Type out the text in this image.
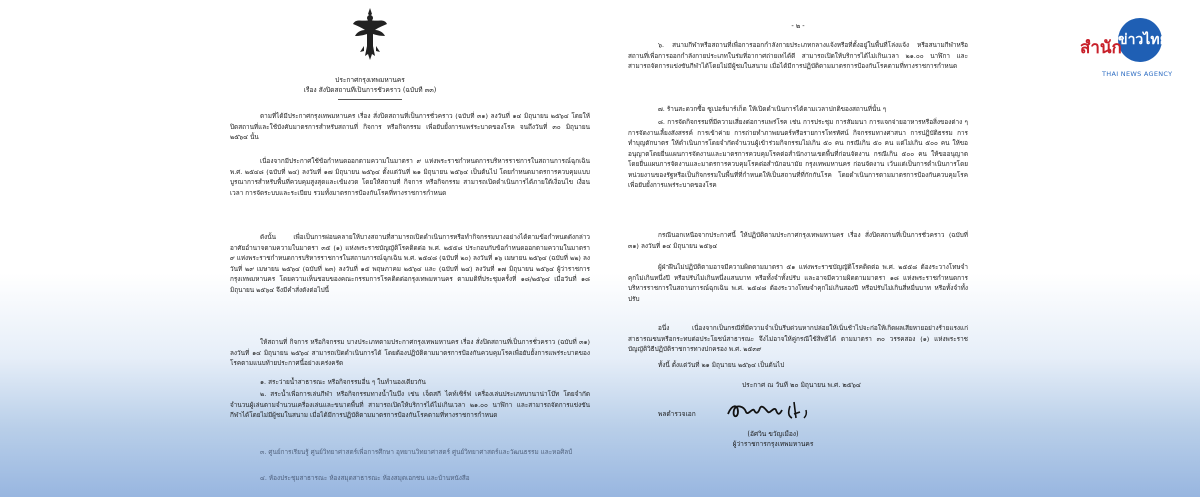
ประกาศกรุงเทพมหานคร
เรื่อง สั่งปิดสถานที่เป็นการชั่วคราว (ฉบับที่ ๓๓)
ตามที่ได้มีประกาศกรุงเทพมหานคร เรื่อง สั่งปิดสถานที่เป็นการชั่วคราว (ฉบับที่ ๓๑) ลงวันที่ ๑๔ มิถุนายน ๒๕๖๔ โดยให้ปิดสถานที่และใช้บังคับมาตรการสำหรับสถานที่ กิจการ หรือกิจกรรม เพื่อยับยั้งการแพร่ระบาดของโรค จนถึงวันที่ ๓๐ มิถุนายน ๒๕๖๔ นั้น
เนื่องจากมีประกาศใช้ข้อกำหนดออกตามความในมาตรา ๙ แห่งพระราชกำหนดการบริหารราชการในสถานการณ์ฉุกเฉิน พ.ศ. ๒๕๔๘ (ฉบับที่ ๒๔) ลงวันที่ ๑๗ มิถุนายน ๒๕๖๔ ตั้งแต่วันที่ ๒๑ มิถุนายน ๒๕๖๔ เป็นต้นไป โดยกำหนดมาตรการควบคุมแบบบูรณาการสำหรับพื้นที่ควบคุมสูงสุดและเข้มงวด โดยให้สถานที่ กิจการ หรือกิจกรรม สามารถเปิดดำเนินการได้ภายใต้เงื่อนไข เงื่อนเวลา การจัดระบบและระเบียบ รวมทั้งมาตรการป้องกันโรคที่ทางราชการกำหนด
ดังนั้น เพื่อเป็นการผ่อนคลายให้บางสถานที่สามารถเปิดดำเนินการหรือทำกิจกรรมบางอย่างได้ตามข้อกำหนดดังกล่าว อาศัยอำนาจตามความในมาตรา ๓๕ (๑) แห่งพระราชบัญญัติโรคติดต่อ พ.ศ. ๒๕๕๘ ประกอบกับข้อกำหนดออกตามความในมาตรา ๙ แห่งพระราชกำหนดการบริหารราชการในสถานการณ์ฉุกเฉิน พ.ศ. ๒๕๔๘ (ฉบับที่ ๒๐) ลงวันที่ ๑๖ เมษายน ๒๕๖๔ (ฉบับที่ ๒๒) ลงวันที่ ๒๙ เมษายน ๒๕๖๔ (ฉบับที่ ๒๓) ลงวันที่ ๑๕ พฤษภาคม ๒๕๖๔ และ (ฉบับที่ ๒๔) ลงวันที่ ๑๗ มิถุนายน ๒๕๖๔ ผู้ว่าราชการกรุงเทพมหานคร โดยความเห็นชอบของคณะกรรมการโรคติดต่อกรุงเทพมหานคร ตามมติที่ประชุมครั้งที่ ๑๘/๒๕๖๔ เมื่อวันที่ ๑๘ มิถุนายน ๒๕๖๔ จึงมีคำสั่งดังต่อไปนี้
ให้สถานที่ กิจการ หรือกิจกรรม บางประเภทตามประกาศกรุงเทพมหานคร เรื่อง สั่งปิดสถานที่เป็นการชั่วคราว (ฉบับที่ ๓๑) ลงวันที่ ๑๔ มิถุนายน ๒๕๖๔ สามารถเปิดดำเนินการได้ โดยต้องปฏิบัติตามมาตรการป้องกันควบคุมโรคเพื่อยับยั้งการแพร่ระบาดของโรคตามแนบท้ายประกาศนี้อย่างเคร่งครัด
๑. สระว่ายน้ำสาธารณะ หรือกิจกรรมอื่น ๆ ในทำนองเดียวกัน
๒. สระน้ำเพื่อการเล่นกีฬา หรือกิจกรรมทางน้ำในบึง เช่น เจ็ตสกี ไคท์เซิร์ฟ เครื่องเล่นประเภทบานาน่าโบ๊ท โดยจำกัดจำนวนผู้เล่นตามจำนวนเครื่องเล่นและขนาดพื้นที่ สามารถเปิดให้บริการได้ไม่เกินเวลา ๒๑.๐๐ นาฬิกา และสามารถจัดการแข่งขันกีฬาได้โดยไม่มีผู้ชมในสนาม เมื่อได้มีการปฏิบัติตามมาตรการป้องกันโรคตามที่ทางราชการกำหนด
๓. ศูนย์การเรียนรู้ ศูนย์วิทยาศาสตร์เพื่อการศึกษา อุทยานวิทยาศาสตร์ ศูนย์วิทยาศาสตร์และวัฒนธรรม และหอศิลป์
๔. ห้องประชุมสาธารณะ ห้องสมุดสาธารณะ ห้องสมุดเอกชน และบ้านหนังสือ
- ๒ -
๖. สนามกีฬาหรือสถานที่เพื่อการออกกำลังกายประเภทกลางแจ้งหรือที่ตั้งอยู่ในพื้นที่โล่งแจ้ง หรือสนามกีฬาหรือสถานที่เพื่อการออกกำลังกายประเภทในร่มที่อากาศถ่ายเทได้ดี สามารถเปิดให้บริการได้ไม่เกินเวลา ๒๑.๐๐ นาฬิกา และสามารถจัดการแข่งขันกีฬาได้โดยไม่มีผู้ชมในสนาม เมื่อได้มีการปฏิบัติตามมาตรการป้องกันโรคตามที่ทางราชการกำหนด
๗. ร้านสะดวกซื้อ ซูเปอร์มาร์เก็ต ให้เปิดดำเนินการได้ตามเวลาปกติของสถานที่นั้น ๆ
๘. การจัดกิจกรรมที่มีความเสี่ยงต่อการแพร่โรค เช่น การประชุม การสัมมนา การแจกจ่ายอาหารหรือสิ่งของต่าง ๆ การจัดงานเลี้ยงสังสรรค์ การเข้าค่าย การถ่ายทำภาพยนตร์หรือรายการโทรทัศน์ กิจกรรมทางศาสนา การปฏิบัติธรรม การทำบุญตักบาตร ให้ดำเนินการโดยจำกัดจำนวนผู้เข้าร่วมกิจกรรมไม่เกิน ๕๐ คน กรณีเกิน ๕๐ คน แต่ไม่เกิน ๕๐๐ คน ให้ขออนุญาตโดยยื่นแผนการจัดงานและมาตรการควบคุมโรคต่อสำนักงานเขตพื้นที่ก่อนจัดงาน กรณีเกิน ๕๐๐ คน ให้ขออนุญาตโดยยื่นแผนการจัดงานและมาตรการควบคุมโรคต่อสำนักอนามัย กรุงเทพมหานคร ก่อนจัดงาน เว้นแต่เป็นการดำเนินการโดยหน่วยงานของรัฐหรือเป็นกิจกรรมในพื้นที่ที่กำหนดให้เป็นสถานที่ที่กักกันโรค โดยดำเนินการตามมาตรการป้องกันควบคุมโรคเพื่อยับยั้งการแพร่ระบาดของโรค
กรณีนอกเหนือจากประกาศนี้ ให้ปฏิบัติตามประกาศกรุงเทพมหานคร เรื่อง สั่งปิดสถานที่เป็นการชั่วคราว (ฉบับที่ ๓๑) ลงวันที่ ๑๔ มิถุนายน ๒๕๖๔
ผู้ฝ่าฝืนไม่ปฏิบัติตามอาจมีความผิดตามมาตรา ๕๑ แห่งพระราชบัญญัติโรคติดต่อ พ.ศ. ๒๕๕๘ ต้องระวางโทษจำคุกไม่เกินหนึ่งปี หรือปรับไม่เกินหนึ่งแสนบาท หรือทั้งจำทั้งปรับ และอาจมีความผิดตามมาตรา ๑๘ แห่งพระราชกำหนดการบริหารราชการในสถานการณ์ฉุกเฉิน พ.ศ. ๒๕๔๘ ต้องระวางโทษจำคุกไม่เกินสองปี หรือปรับไม่เกินสี่หมื่นบาท หรือทั้งจำทั้งปรับ
อนึ่ง เนื่องจากเป็นกรณีที่มีความจำเป็นรีบด่วนหากปล่อยให้เนิ่นช้าไปจะก่อให้เกิดผลเสียหายอย่างร้ายแรงแก่สาธารณชนหรือกระทบต่อประโยชน์สาธารณะ จึงไม่อาจให้คู่กรณีใช้สิทธิได้ ตามมาตรา ๓๐ วรรคสอง (๑) แห่งพระราชบัญญัติวิธีปฏิบัติราชการทางปกครอง พ.ศ. ๒๕๓๙
ทั้งนี้ ตั้งแต่วันที่ ๒๑ มิถุนายน ๒๕๖๔ เป็นต้นไป
ประกาศ ณ วันที่ ๒๐ มิถุนายน พ.ศ. ๒๕๖๔
พลตำรวจเอก
(อัศวิน ขวัญเมือง)
ผู้ว่าราชการกรุงเทพมหานคร
สำนัก
ข่าวไทย
THAI NEWS AGENCY
